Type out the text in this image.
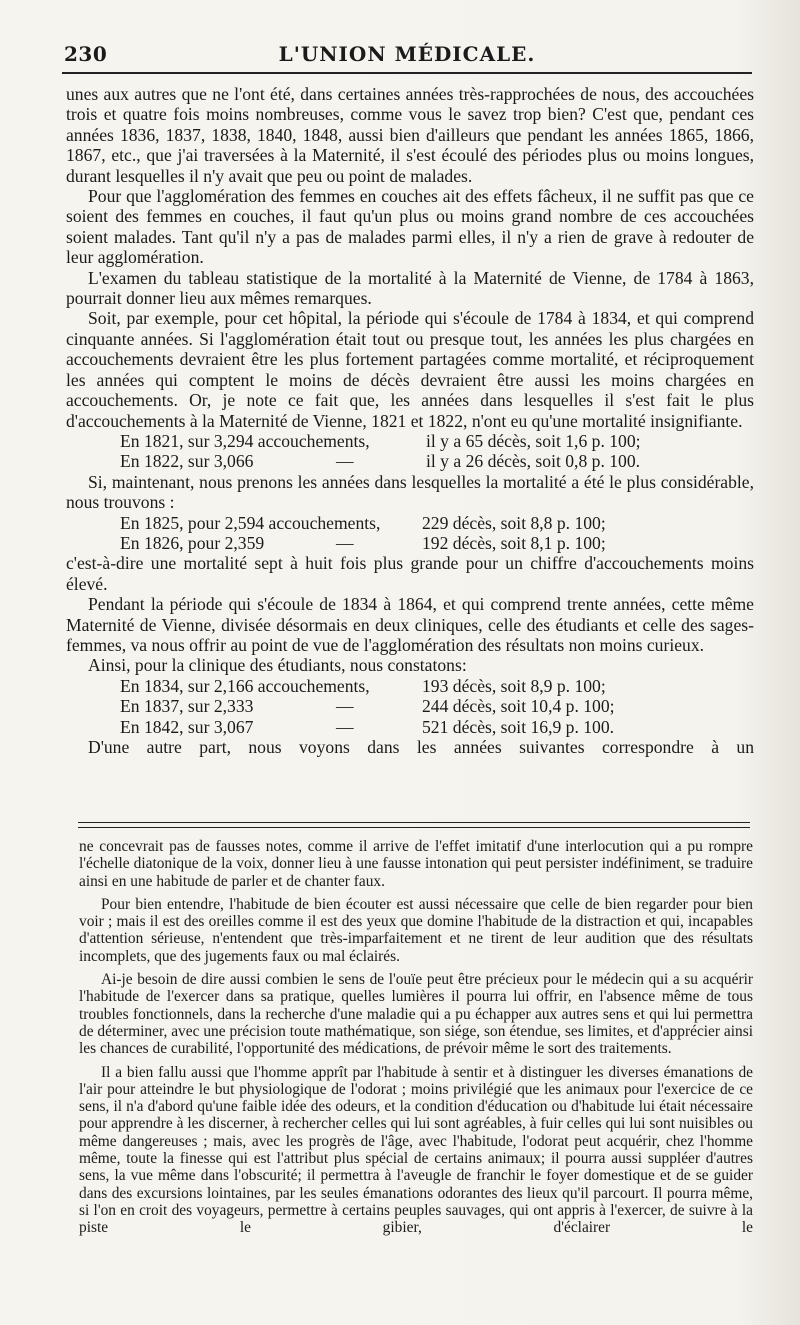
230	L'UNION MÉDICALE.

unes aux autres que ne l'ont été, dans certaines années très-rapprochées de nous, des accouchées trois et quatre fois moins nombreuses, comme vous le savez trop bien? C'est que, pendant ces années 1836, 1837, 1838, 1840, 1848, aussi bien d'ailleurs que pendant les années 1865, 1866, 1867, etc., que j'ai traversées à la Maternité, il s'est écoulé des périodes plus ou moins longues, durant lesquelles il n'y avait que peu ou point de malades.

Pour que l'agglomération des femmes en couches ait des effets fâcheux, il ne suffit pas que ce soient des femmes en couches, il faut qu'un plus ou moins grand nombre de ces accouchées soient malades. Tant qu'il n'y a pas de malades parmi elles, il n'y a rien de grave à redouter de leur agglomération.

L'examen du tableau statistique de la mortalité à la Maternité de Vienne, de 1784 à 1863, pourrait donner lieu aux mêmes remarques.

Soit, par exemple, pour cet hôpital, la période qui s'écoule de 1784 à 1834, et qui comprend cinquante années. Si l'agglomération était tout ou presque tout, les années les plus chargées en accouchements devraient être les plus fortement partagées comme mortalité, et réciproquement les années qui comptent le moins de décès devraient être aussi les moins chargées en accouchements. Or, je note ce fait que, les années dans lesquelles il s'est fait le plus d'accouchements à la Maternité de Vienne, 1821 et 1822, n'ont eu qu'une mortalité insignifiante.

En 1821, sur 3,294 accouchements,	il y a 65 décès, soit 1,6 p. 100;
En 1822, sur 3,066	—	il y a 26 décès, soit 0,8 p. 100.

Si, maintenant, nous prenons les années dans lesquelles la mortalité a été le plus considérable, nous trouvons :

En 1825, pour 2,594 accouchements, 229 décès, soit 8,8 p. 100;
En 1826, pour 2,359	—	192 décès, soit 8,1 p. 100;

c'est-à-dire une mortalité sept à huit fois plus grande pour un chiffre d'accouchements moins élevé.

Pendant la période qui s'écoule de 1834 à 1864, et qui comprend trente années, cette même Maternité de Vienne, divisée désormais en deux cliniques, celle des étudiants et celle des sages-femmes, va nous offrir au point de vue de l'agglomération des résultats non moins curieux.

Ainsi, pour la clinique des étudiants, nous constatons:

En 1834, sur 2,166 accouchements,	193 décès, soit 8,9 p. 100;
En 1837, sur 2,333	—	244 décès, soit 10,4 p. 100;
En 1842, sur 3,067	—	521 décès, soit 16,9 p. 100.

D'une autre part, nous voyons dans les années suivantes correspondre à un

ne concevrait pas de fausses notes, comme il arrive de l'effet imitatif d'une interlocution qui a pu rompre l'échelle diatonique de la voix, donner lieu à une fausse intonation qui peut persister indéfiniment, se traduire ainsi en une habitude de parler et de chanter faux.

Pour bien entendre, l'habitude de bien écouter est aussi nécessaire que celle de bien regarder pour bien voir ; mais il est des oreilles comme il est des yeux que domine l'habitude de la distraction et qui, incapables d'attention sérieuse, n'entendent que très-imparfaitement et ne tirent de leur audition que des résultats incomplets, que des jugements faux ou mal éclairés.

Ai-je besoin de dire aussi combien le sens de l'ouïe peut être précieux pour le médecin qui a su acquérir l'habitude de l'exercer dans sa pratique, quelles lumières il pourra lui offrir, en l'absence même de tous troubles fonctionnels, dans la recherche d'une maladie qui a pu échapper aux autres sens et qui lui permettra de déterminer, avec une précision toute mathématique, son siége, son étendue, ses limites, et d'apprécier ainsi les chances de curabilité, l'opportunité des médications, de prévoir même le sort des traitements.

Il a bien fallu aussi que l'homme apprît par l'habitude à sentir et à distinguer les diverses émanations de l'air pour atteindre le but physiologique de l'odorat ; moins privilégié que les animaux pour l'exercice de ce sens, il n'a d'abord qu'une faible idée des odeurs, et la condition d'éducation ou d'habitude lui était nécessaire pour apprendre à les discerner, à rechercher celles qui lui sont agréables, à fuir celles qui lui sont nuisibles ou même dangereuses ; mais, avec les progrès de l'âge, avec l'habitude, l'odorat peut acquérir, chez l'homme même, toute la finesse qui est l'attribut plus spécial de certains animaux; il pourra aussi suppléer d'autres sens, la vue même dans l'obscurité; il permettra à l'aveugle de franchir le foyer domestique et de se guider dans des excursions lointaines, par les seules émanations odorantes des lieux qu'il parcourt. Il pourra même, si l'on en croit des voyageurs, permettre à certains peuples sauvages, qui ont appris à l'exercer, de suivre à la piste le gibier, d'éclairer le
